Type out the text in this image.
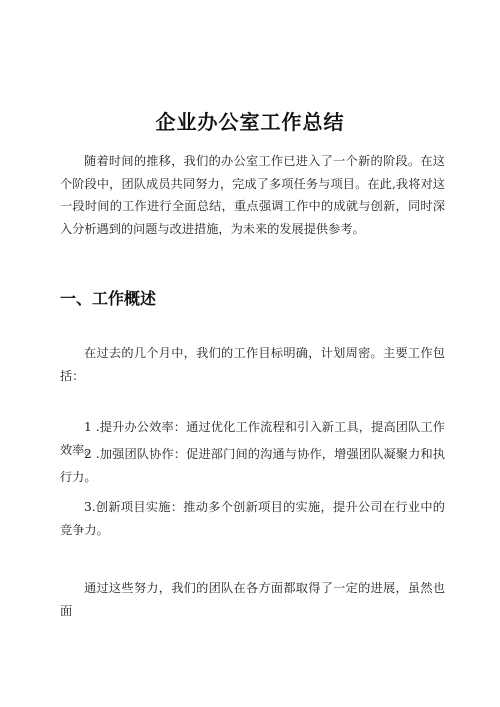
企业办公室工作总结

随着时间的推移，我们的办公室工作已进入了一个新的阶段。在这个阶段中，团队成员共同努力，完成了多项任务与项目。在此,我将对这一段时间的工作进行全面总结，重点强调工作中的成就与创新，同时深入分析遇到的问题与改进措施，为未来的发展提供参考。

一、工作概述

在过去的几个月中，我们的工作目标明确，计划周密。主要工作包括：

1 .提升办公效率：通过优化工作流程和引入新工具，提高团队工作效率。

2 .加强团队协作：促进部门间的沟通与协作，增强团队凝聚力和执行力。

3.创新项目实施：推动多个创新项目的实施，提升公司在行业中的竞争力。

通过这些努力，我们的团队在各方面都取得了一定的进展，虽然也面
